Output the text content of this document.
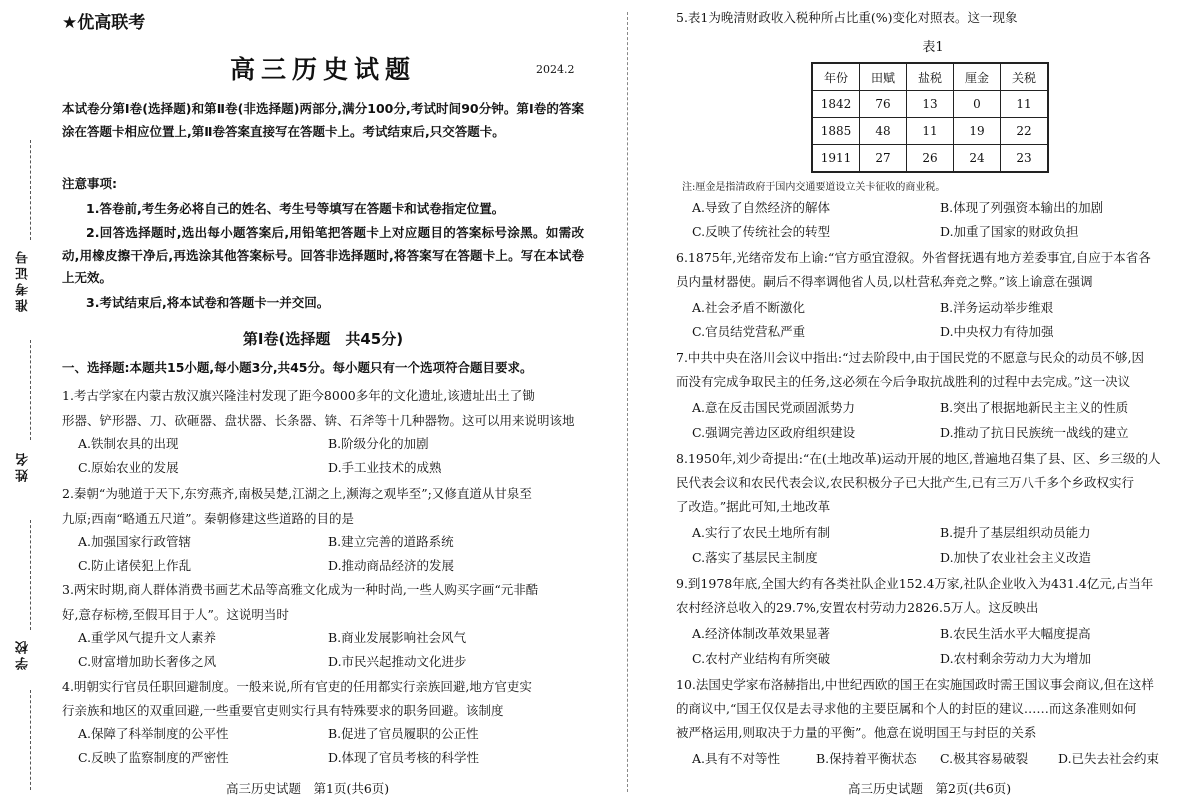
准考证号
姓名
学校
★优高联考
高三历史试题	2024.2
本试卷分第Ⅰ卷(选择题)和第Ⅱ卷(非选择题)两部分,满分100分,考试时间90分钟。第Ⅰ卷的答案涂在答题卡相应位置上,第Ⅱ卷答案直接写在答题卡上。考试结束后,只交答题卡。
注意事项:
1.答卷前,考生务必将自己的姓名、考生号等填写在答题卡和试卷指定位置。
2.回答选择题时,选出每小题答案后,用铅笔把答题卡上对应题目的答案标号涂黑。如需改动,用橡皮擦干净后,再选涂其他答案标号。回答非选择题时,将答案写在答题卡上。写在本试卷上无效。
3.考试结束后,将本试卷和答题卡一并交回。
第Ⅰ卷(选择题　共45分)
一、选择题:本题共15小题,每小题3分,共45分。每小题只有一个选项符合题目要求。
1.考古学家在内蒙古敖汉旗兴隆洼村发现了距今8000多年的文化遗址,该遗址出土了锄
形器、铲形器、刀、砍砸器、盘状器、长条器、锛、石斧等十几种器物。这可以用来说明该地
A.铁制农具的出现	B.阶级分化的加剧
C.原始农业的发展	D.手工业技术的成熟
2.秦朝“为驰道于天下,东穷燕齐,南极吴楚,江湖之上,濒海之观毕至”;又修直道从甘泉至
九原;西南“略通五尺道”。秦朝修建这些道路的目的是
A.加强国家行政管辖	B.建立完善的道路系统
C.防止诸侯犯上作乱	D.推动商品经济的发展
3.两宋时期,商人群体消费书画艺术品等高雅文化成为一种时尚,一些人购买字画“元非酷
好,意存标榜,至假耳目于人”。这说明当时
A.重学风气提升文人素养	B.商业发展影响社会风气
C.财富增加助长奢侈之风	D.市民兴起推动文化进步
4.明朝实行官员任职回避制度。一般来说,所有官吏的任用都实行亲族回避,地方官吏实
行亲族和地区的双重回避,一些重要官吏则实行具有特殊要求的职务回避。该制度
A.保障了科举制度的公平性	B.促进了官员履职的公正性
C.反映了监察制度的严密性	D.体现了官员考核的科学性
高三历史试题　第1页(共6页)
5.表1为晚清财政收入税种所占比重(%)变化对照表。这一现象
表1
年份	田赋	盐税	厘金	关税
1842	76	13	0	11
1885	48	11	19	22
1911	27	26	24	23
注:厘金是指清政府于国内交通要道设立关卡征收的商业税。
A.导致了自然经济的解体	B.体现了列强资本输出的加剧
C.反映了传统社会的转型	D.加重了国家的财政负担
6.1875年,光绪帝发布上谕:“官方亟宜澄叙。外省督抚遇有地方差委事宜,自应于本省各
员内量材器使。嗣后不得率调他省人员,以杜营私奔竞之弊。”该上谕意在强调
A.社会矛盾不断激化	B.洋务运动举步维艰
C.官员结党营私严重	D.中央权力有待加强
7.中共中央在洛川会议中指出:“过去阶段中,由于国民党的不愿意与民众的动员不够,因
而没有完成争取民主的任务,这必须在今后争取抗战胜利的过程中去完成。”这一决议
A.意在反击国民党顽固派势力	B.突出了根据地新民主主义的性质
C.强调完善边区政府组织建设	D.推动了抗日民族统一战线的建立
8.1950年,刘少奇提出:“在(土地改革)运动开展的地区,普遍地召集了县、区、乡三级的人
民代表会议和农民代表会议,农民积极分子已大批产生,已有三万八千多个乡政权实行
了改造。”据此可知,土地改革
A.实行了农民土地所有制	B.提升了基层组织动员能力
C.落实了基层民主制度	D.加快了农业社会主义改造
9.到1978年底,全国大约有各类社队企业152.4万家,社队企业收入为431.4亿元,占当年
农村经济总收入的29.7%,安置农村劳动力2826.5万人。这反映出
A.经济体制改革效果显著	B.农民生活水平大幅度提高
C.农村产业结构有所突破	D.农村剩余劳动力大为增加
10.法国史学家布洛赫指出,中世纪西欧的国王在实施国政时需王国议事会商议,但在这样
的商议中,“国王仅仅是去寻求他的主要臣属和个人的封臣的建议……而这条准则如何
被严格运用,则取决于力量的平衡”。他意在说明国王与封臣的关系
A.具有不对等性	B.保持着平衡状态 C.极其容易破裂 D.已失去社会约束
高三历史试题　第2页(共6页)
